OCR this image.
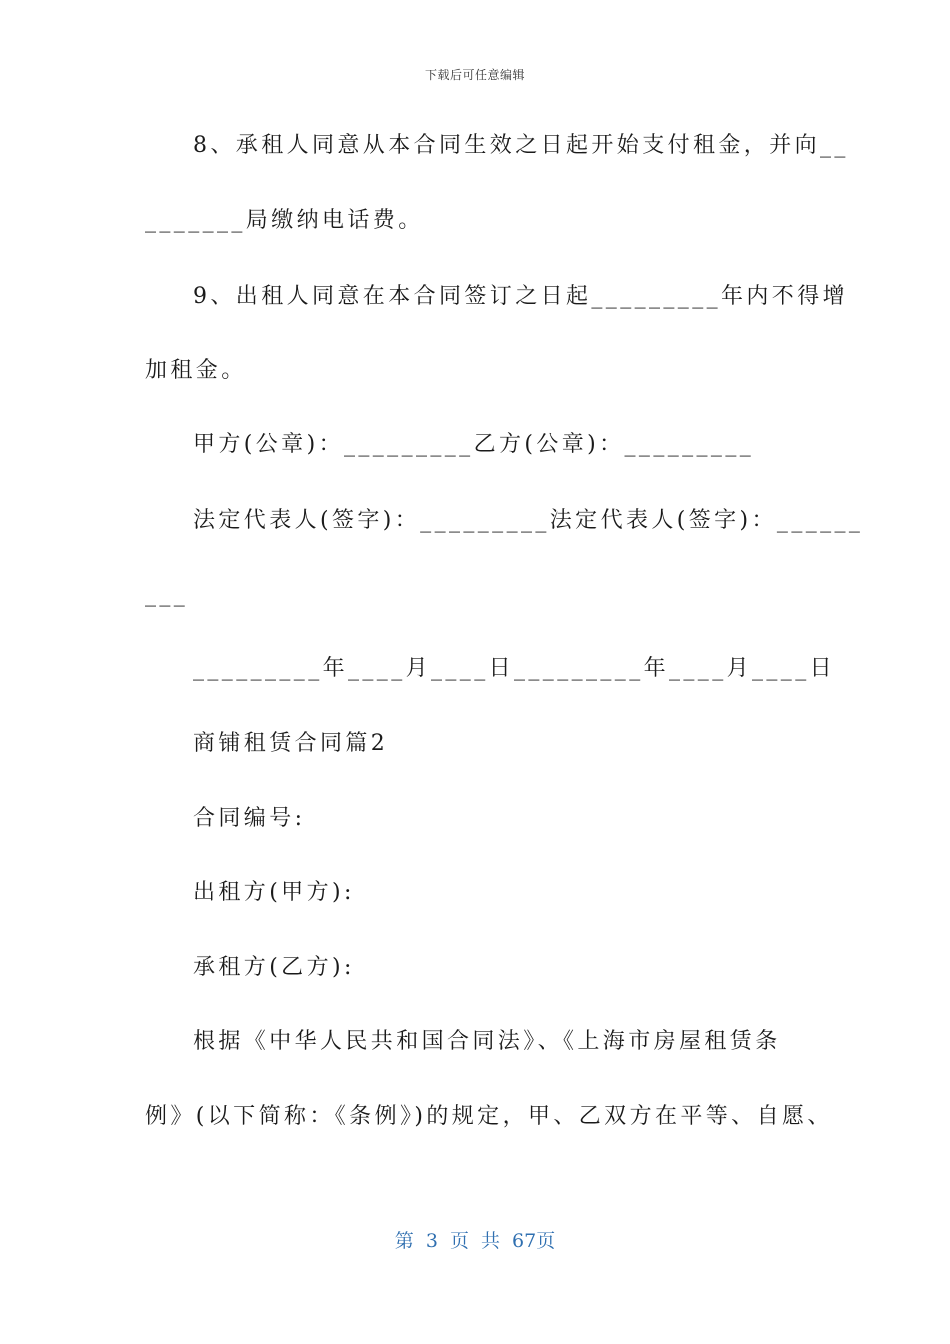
下载后可任意编辑
8、承租人同意从本合同生效之日起开始支付租金，并向__
_______局缴纳电话费。
9、出租人同意在本合同签订之日起_________年内不得增
加租金。
甲方(公章)：_________乙方(公章)：_________
法定代表人(签字)：_________法定代表人(签字)：______
___
_________年____月____日_________年____月____日
商铺租赁合同篇2
合同编号:
出租方(甲方):
承租方(乙方):
根据《中华人民共和国合同法》、《上海市房屋租赁条
例》(以下简称：《条例》)的规定，甲、乙双方在平等、自愿、
第 3 页 共 67页
